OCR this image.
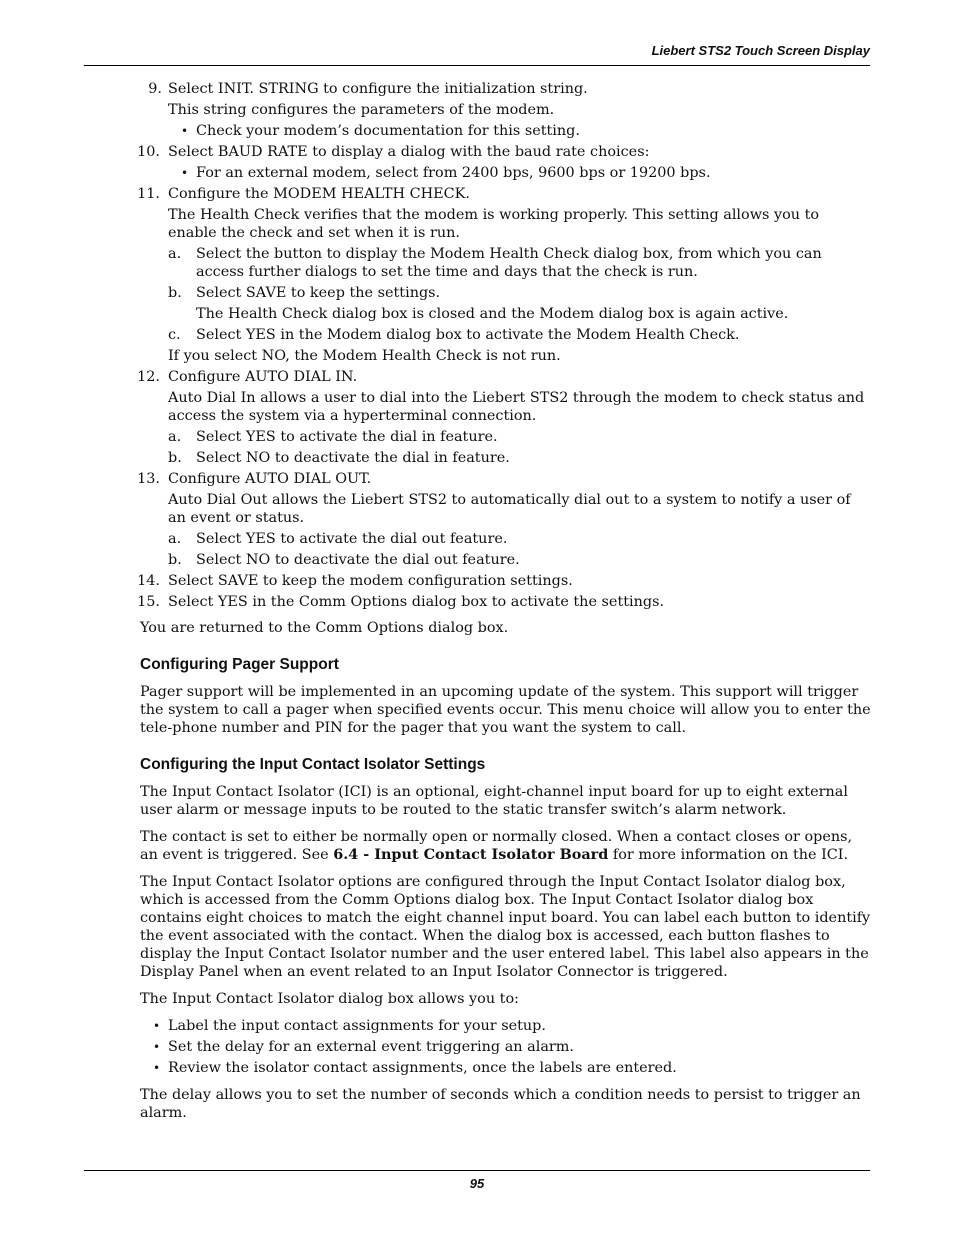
Liebert STS2 Touch Screen Display
9. Select INIT. STRING to configure the initialization string.

This string configures the parameters of the modem.

• Check your modem’s documentation for this setting.
10. Select BAUD RATE to display a dialog with the baud rate choices:

• For an external modem, select from 2400 bps, 9600 bps or 19200 bps.
11. Configure the MODEM HEALTH CHECK.

The Health Check verifies that the modem is working properly. This setting allows you to enable the check and set when it is run.

a. Select the button to display the Modem Health Check dialog box, from which you can access further dialogs to set the time and days that the check is run.
b. Select SAVE to keep the settings.
The Health Check dialog box is closed and the Modem dialog box is again active.
c. Select YES in the Modem dialog box to activate the Modem Health Check.

If you select NO, the Modem Health Check is not run.

12. Configure AUTO DIAL IN.

Auto Dial In allows a user to dial into the Liebert STS2 through the modem to check status and access the system via a hyperterminal connection.

a. Select YES to activate the dial in feature.
b. Select NO to deactivate the dial in feature.
13. Configure AUTO DIAL OUT.

Auto Dial Out allows the Liebert STS2 to automatically dial out to a system to notify a user of an event or status.

a. Select YES to activate the dial out feature.
b. Select NO to deactivate the dial out feature.
14. Select SAVE to keep the modem configuration settings.

15. Select YES in the Comm Options dialog box to activate the settings.

You are returned to the Comm Options dialog box.

Configuring Pager Support

Pager support will be implemented in an upcoming update of the system. This support will trigger the system to call a pager when specified events occur. This menu choice will allow you to enter the tele-phone number and PIN for the pager that you want the system to call.

Configuring the Input Contact Isolator Settings

The Input Contact Isolator (ICI) is an optional, eight-channel input board for up to eight external user alarm or message inputs to be routed to the static transfer switch’s alarm network.

The contact is set to either be normally open or normally closed. When a contact closes or opens, an event is triggered. See 6.4 - Input Contact Isolator Board for more information on the ICI.

The Input Contact Isolator options are configured through the Input Contact Isolator dialog box, which is accessed from the Comm Options dialog box. The Input Contact Isolator dialog box contains eight choices to match the eight channel input board. You can label each button to identify the event associated with the contact. When the dialog box is accessed, each button flashes to display the Input Contact Isolator number and the user entered label. This label also appears in the Display Panel when an event related to an Input Isolator Connector is triggered.

The Input Contact Isolator dialog box allows you to:

• Label the input contact assignments for your setup.
• Set the delay for an external event triggering an alarm.
• Review the isolator contact assignments, once the labels are entered.

The delay allows you to set the number of seconds which a condition needs to persist to trigger an alarm.

95
